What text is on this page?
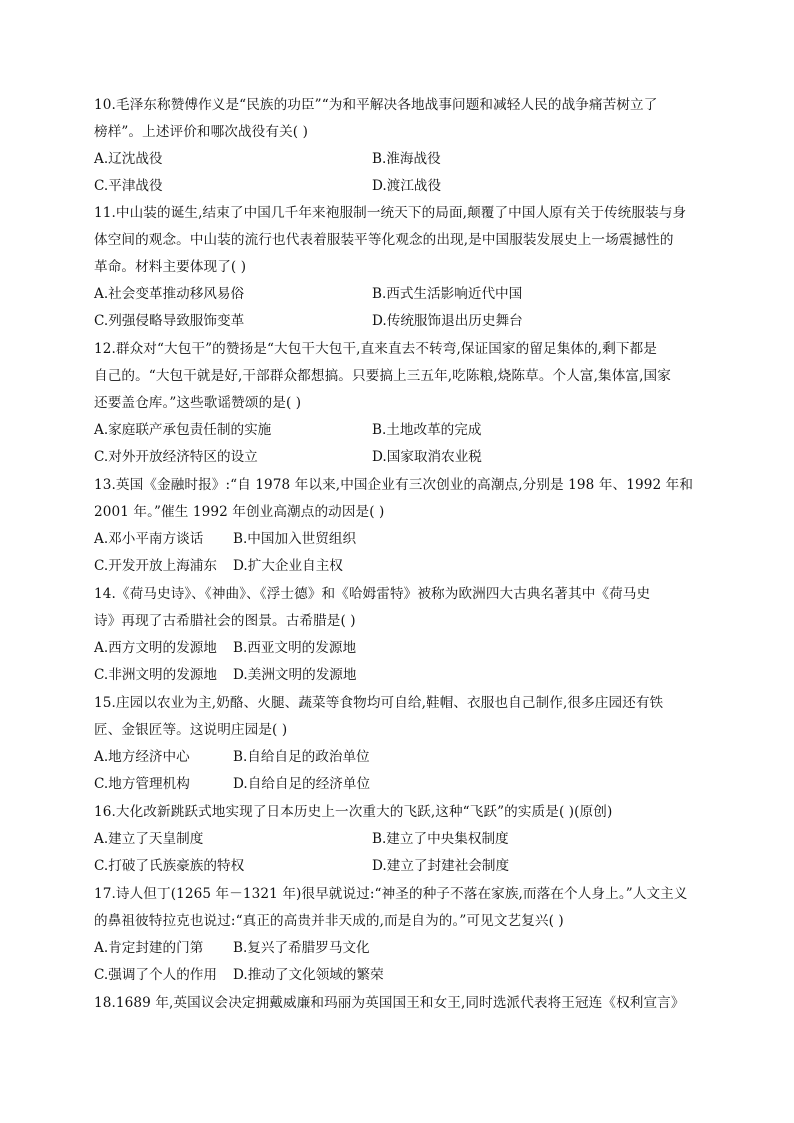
10.毛泽东称赞傅作义是“民族的功臣”“为和平解决各地战事问题和减轻人民的战争痛苦树立了
榜样”。上述评价和哪次战役有关( )
A.辽沈战役	B.淮海战役
C.平津战役	D.渡江战役
11.中山装的诞生,结束了中国几千年来袍服制一统天下的局面,颠覆了中国人原有关于传统服装与身
体空间的观念。中山装的流行也代表着服装平等化观念的出现,是中国服装发展史上一场震撼性的
革命。材料主要体现了( )
A.社会变革推动移风易俗	B.西式生活影响近代中国
C.列强侵略导致服饰变革	D.传统服饰退出历史舞台
12.群众对“大包干”的赞扬是“大包干大包干,直来直去不转弯,保证国家的留足集体的,剩下都是
自己的。“大包干就是好,干部群众都想搞。只要搞上三五年,吃陈粮,烧陈草。个人富,集体富,国家
还要盖仓库。”这些歌谣赞颂的是( )
A.家庭联产承包责任制的实施	B.土地改革的完成
C.对外开放经济特区的设立	D.国家取消农业税
13.英国《金融时报》:“自 1978 年以来,中国企业有三次创业的高潮点,分别是 198 年、1992 年和
2001 年。”催生 1992 年创业高潮点的动因是( )
A.邓小平南方谈话 B.中国加入世贸组织
C.开发开放上海浦东 D.扩大企业自主权
14.《荷马史诗》、《神曲》、《浮士德》和《哈姆雷特》被称为欧洲四大古典名著其中《荷马史
诗》再现了古希腊社会的图景。古希腊是( )
A.西方文明的发源地 B.西亚文明的发源地
C.非洲文明的发源地 D.美洲文明的发源地
15.庄园以农业为主,奶酪、火腿、蔬菜等食物均可自给,鞋帽、衣服也自己制作,很多庄园还有铁
匠、金银匠等。这说明庄园是( )
A.地方经济中心	B.自给自足的政治单位
C.地方管理机构	D.自给自足的经济单位
16.大化改新跳跃式地实现了日本历史上一次重大的飞跃,这种“飞跃”的实质是( )(原创)
A.建立了天皇制度	B.建立了中央集权制度
C.打破了氏族豪族的特权	D.建立了封建社会制度
17.诗人但丁(1265 年－1321 年)很早就说过:“神圣的种子不落在家族,而落在个人身上。”人文主义
的鼻祖彼特拉克也说过:“真正的高贵并非天成的,而是自为的。”可见文艺复兴( )
A.肯定封建的门第 B.复兴了希腊罗马文化
C.强调了个人的作用 D.推动了文化领域的繁荣
18.1689 年,英国议会决定拥戴威廉和玛丽为英国国王和女王,同时选派代表将王冠连《权利宣言》
